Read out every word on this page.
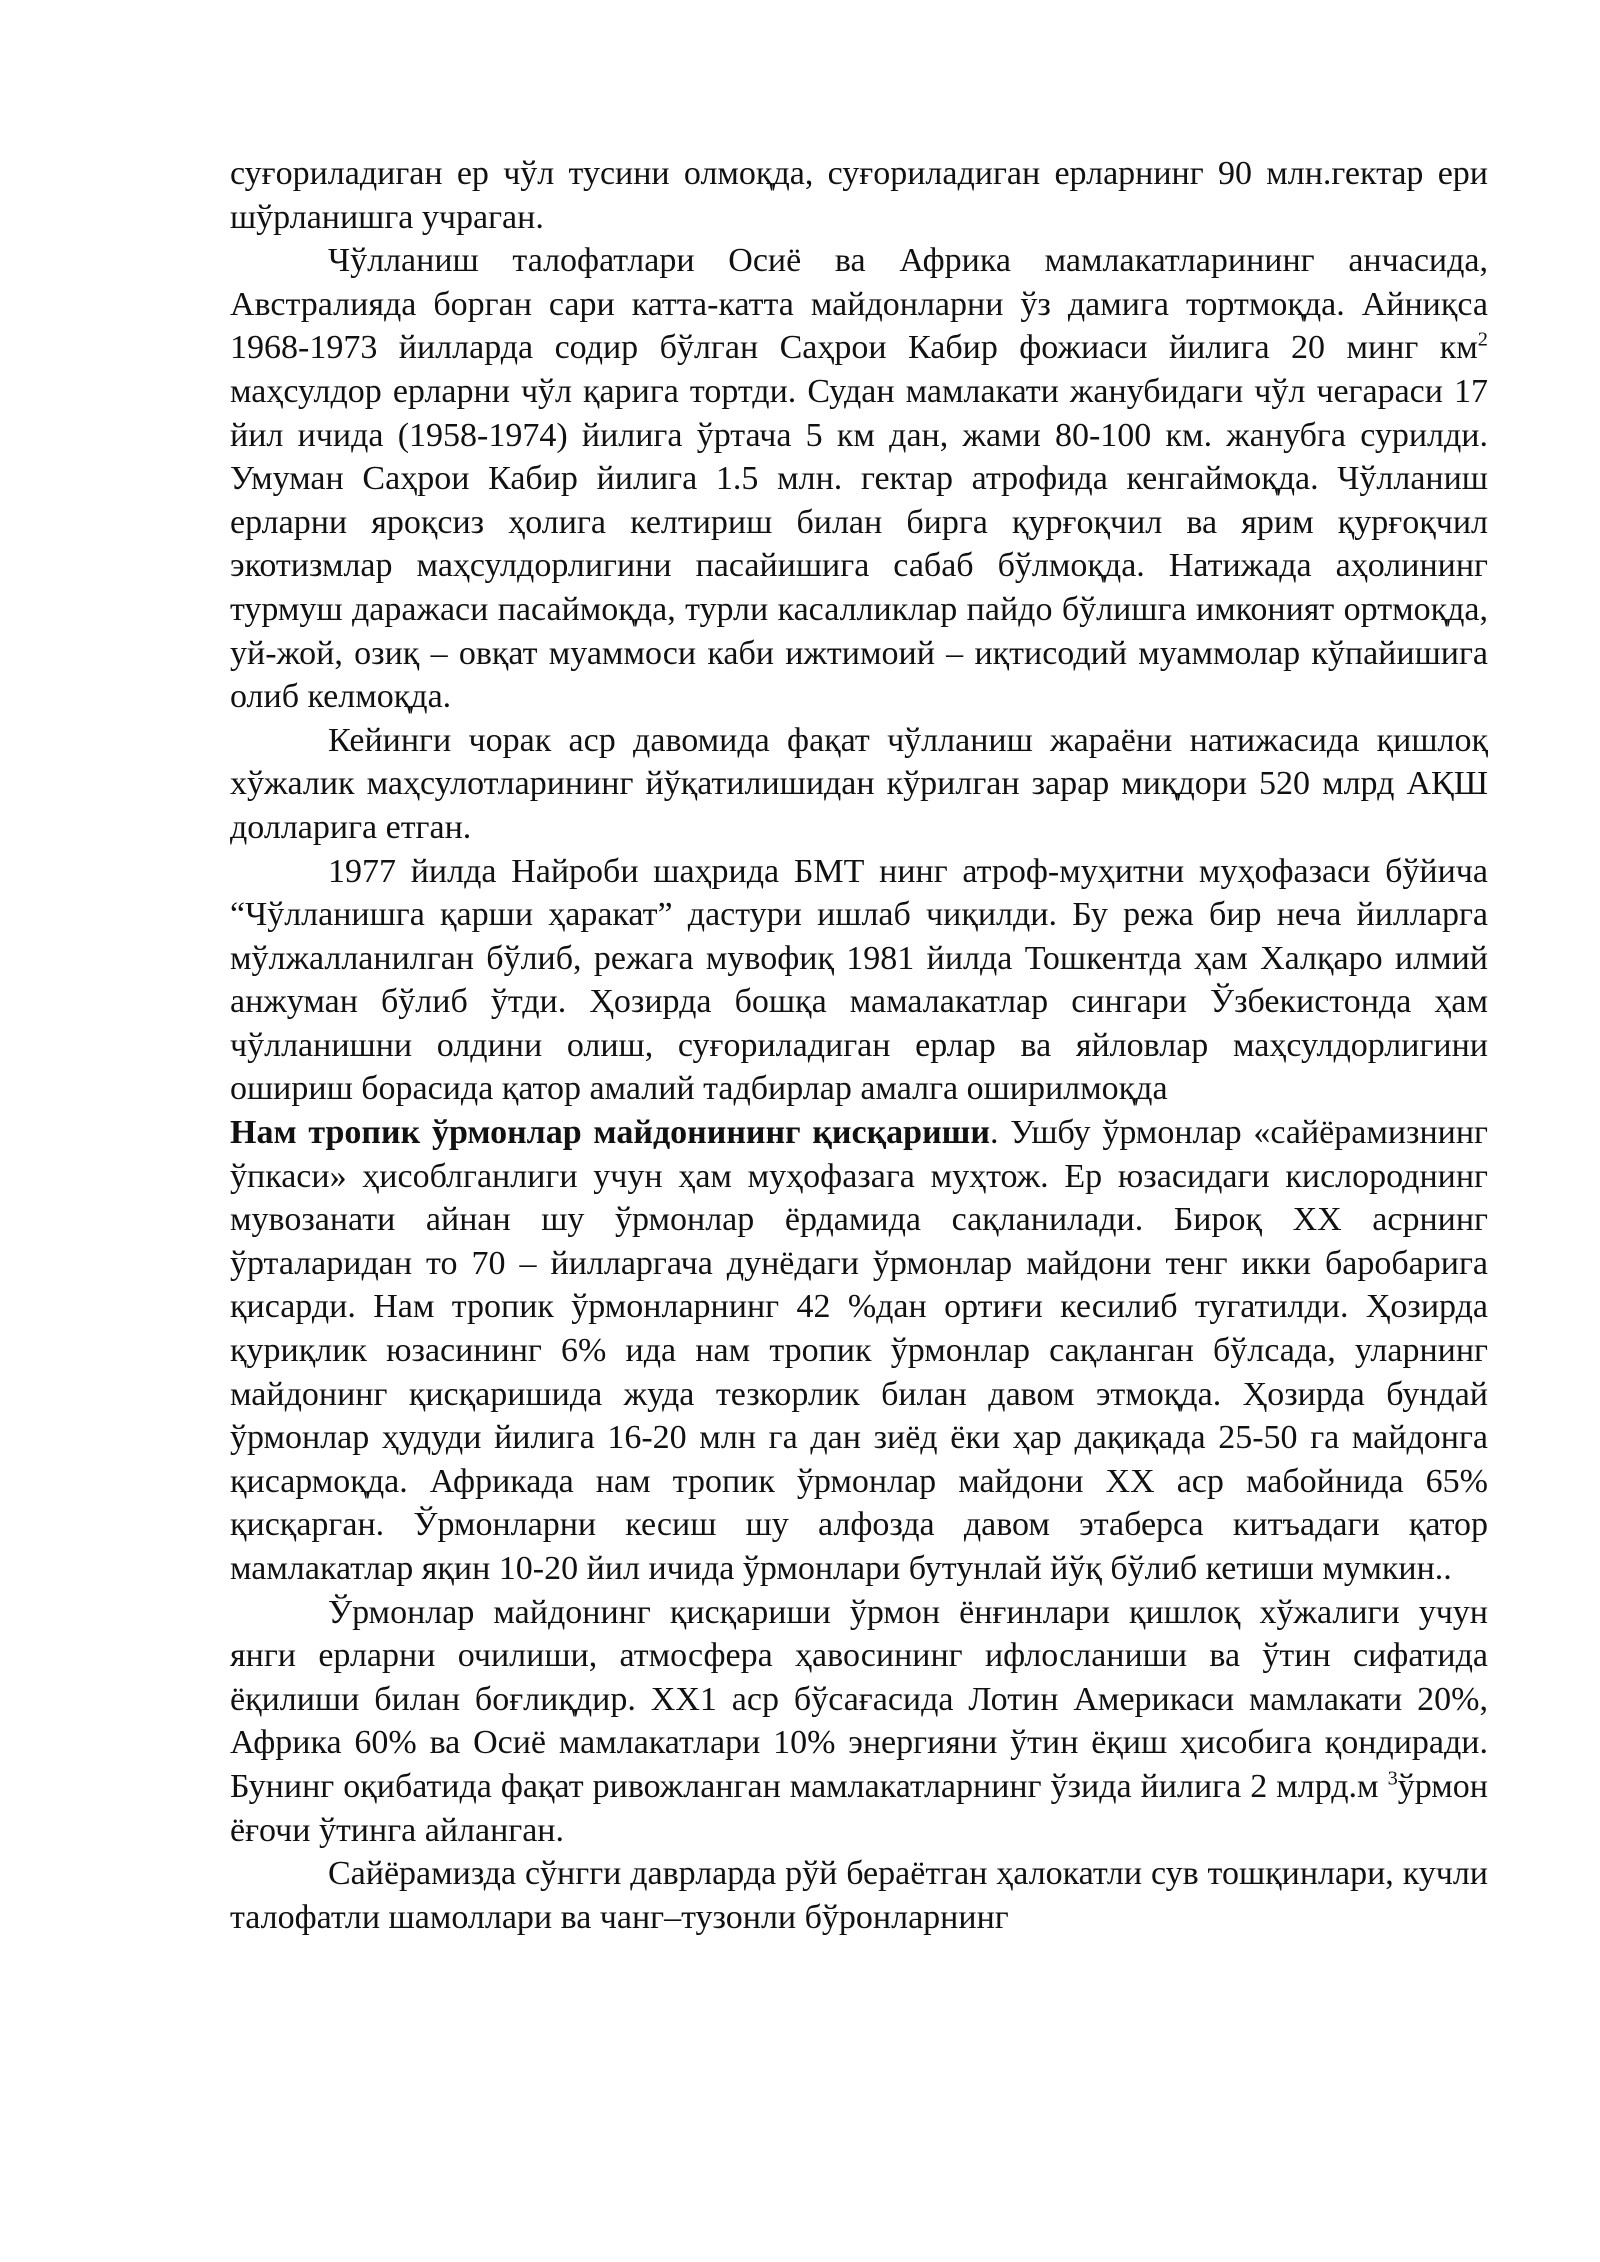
суғориладиган ер чўл тусини олмоқда, суғориладиган ерларнинг 90 млн.гектар ери шўрланишга учраган.

Чўлланиш талофатлари Осиё ва Африка мамлакатларининг анчасида, Австралияда борган сари катта-катта майдонларни ўз дамига тортмоқда. Айниқса 1968-1973 йилларда содир бўлган Саҳрои Кабир фожиаси йилига 20 минг $км^2$ маҳсулдор ерларни чўл қарига тортди. Судан мамлакати жанубидаги чўл чегараси 17 йил ичида (1958-1974) йилига ўртача 5 км дан, жами 80-100 км. жанубга сурилди. Умуман Саҳрои Кабир йилига 1.5 млн. гектар атрофида кенгаймоқда. Чўлланиш ерларни яроқсиз ҳолига келтириш билан бирга қурғоқчил ва ярим қурғоқчил экотизмлар маҳсулдорлигини пасайишига сабаб бўлмоқда. Натижада аҳолининг турмуш даражаси пасаймоқда, турли касалликлар пайдо бўлишга имконият ортмоқда, уй-жой, озиқ – овқат муаммоси каби ижтимоий – иқтисодий муаммолар кўпайишига олиб келмоқда.

Кейинги чорак аср давомида фақат чўлланиш жараёни натижасида қишлоқ хўжалик маҳсулотларининг йўқатилишидан кўрилган зарар миқдори 520 млрд АҚШ долларига етган.

1977 йилда Найроби шаҳрида БМТ нинг атроф-муҳитни муҳофазаси бўйича “Чўлланишга қарши ҳаракат” дастури ишлаб чиқилди. Бу режа бир неча йилларга мўлжалланилган бўлиб, режага мувофиқ 1981 йилда Тошкентда ҳам Халқаро илмий анжуман бўлиб ўтди. Ҳозирда бошқа мамалакатлар сингари Ўзбекистонда ҳам чўлланишни олдини олиш, суғориладиган ерлар ва яйловлар маҳсулдорлигини ошириш борасида қатор амалий тадбирлар амалга оширилмоқда

Нам тропик ўрмонлар майдонининг қисқариши. Ушбу ўрмонлар «сайёрамизнинг ўпкаси» ҳисоблганлиги учун ҳам муҳофазага муҳтож. Ер юзасидаги кислороднинг мувозанати айнан шу ўрмонлар ёрдамида сақланилади. Бироқ ХХ асрнинг ўрталаридан то 70 – йилларгача дунёдаги ўрмонлар майдони тенг икки баробарига қисарди. Нам тропик ўрмонларнинг 42 %дан ортиғи кесилиб тугатилди. Ҳозирда қуриқлик юзасининг 6% ида нам тропик ўрмонлар сақланган бўлсада, уларнинг майдонинг қисқаришида жуда тезкорлик билан давом этмоқда. Ҳозирда бундай ўрмонлар ҳудуди йилига 16-20 млн га дан зиёд ёки ҳар дақиқада 25-50 га майдонга қисармоқда. Африкада нам тропик ўрмонлар майдони ХХ аср мабойнида 65% қисқарган. Ўрмонларни кесиш шу алфозда давом этаберса китъадаги қатор мамлакатлар яқин 10-20 йил ичида ўрмонлари бутунлай йўқ бўлиб кетиши мумкин..

Ўрмонлар майдонинг қисқариши ўрмон ёнғинлари қишлоқ хўжалиги учун янги ерларни очилиши, атмосфера ҳавосининг ифлосланиши ва ўтин сифатида ёқилиши билан боғлиқдир. ХХ1 аср бўсағасида Лотин Америкаси мамлакати 20%, Африка 60% ва Осиё мамлакатлари 10% энергияни ўтин ёқиш ҳисобига қондиради. Бунинг оқибатида фақат ривожланган мамлакатларнинг ўзида йилига 2 млрд.м $^3$ўрмон ёғочи ўтинга айланган.

Сайёрамизда сўнгги даврларда рўй бераётган ҳалокатли сув тошқинлари, кучли талофатли шамоллари ва чанг–тузонли бўронларнинг
